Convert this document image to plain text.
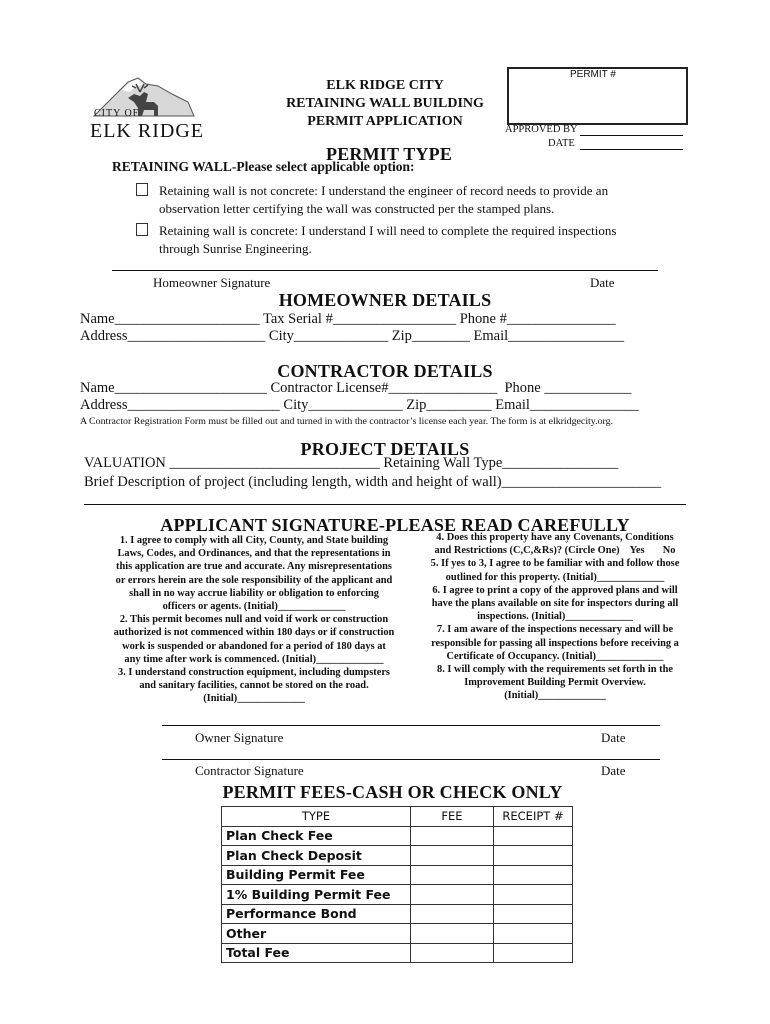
CITY OF
ELK RIDGE
ELK RIDGE CITY
RETAINING WALL BUILDING
PERMIT APPLICATION
PERMIT #
APPROVED BY
DATE
PERMIT TYPE
RETAINING WALL-Please select applicable option:
Retaining wall is not concrete: I understand the engineer of record needs to provide an
observation letter certifying the wall was constructed per the stamped plans.
Retaining wall is concrete: I understand I will need to complete the required inspections
through Sunrise Engineering.
Homeowner Signature	Date
HOMEOWNER DETAILS
Name____________________ Tax Serial #_________________ Phone #_______________
Address___________________ City_____________ Zip________ Email________________
CONTRACTOR DETAILS
Name_____________________ Contractor License#_______________  Phone ____________
Address_____________________ City_____________ Zip_________ Email_______________
A Contractor Registration Form must be filled out and turned in with the contractor’s license each year. The form is at elkridgecity.org.
PROJECT DETAILS
VALUATION _____________________________ Retaining Wall Type________________
Brief Description of project (including length, width and height of wall)______________________
APPLICANT SIGNATURE-PLEASE READ CAREFULLY

1. I agree to comply with all City, County, and State building

Laws, Codes, and Ordinances, and that the representations in

this application are true and accurate. Any misrepresentations

or errors herein are the sole responsibility of the applicant and

shall in no way accrue liability or obligation to enforcing

officers or agents. (Initial)_____________

2. This permit becomes null and void if work or construction

authorized is not commenced within 180 days or if construction

work is suspended or abandoned for a period of 180 days at

any time after work is commenced. (Initial)_____________

3. I understand construction equipment, including dumpsters

and sanitary facilities, cannot be stored on the road.

(Initial)_____________

4. Does this property have any Covenants, Conditions

and Restrictions (C,C,&Rs)? (Circle One)    Yes       No

5. If yes to 3, I agree to be familiar with and follow those

outlined for this property. (Initial)_____________

6. I agree to print a copy of the approved plans and will

have the plans available on site for inspectors during all

inspections. (Initial)_____________

7. I am aware of the inspections necessary and will be

responsible for passing all inspections before receiving a

Certificate of Occupancy. (Initial)_____________

8. I will comply with the requirements set forth in the

Improvement Building Permit Overview.

(Initial)_____________

Owner Signature	Date
Contractor Signature	Date
PERMIT FEES-CASH OR CHECK ONLY
TYPE	FEE	RECEIPT #
Plan Check Fee		
Plan Check Deposit		
Building Permit Fee		
1% Building Permit Fee		
Performance Bond		
Other		
Total Fee		
